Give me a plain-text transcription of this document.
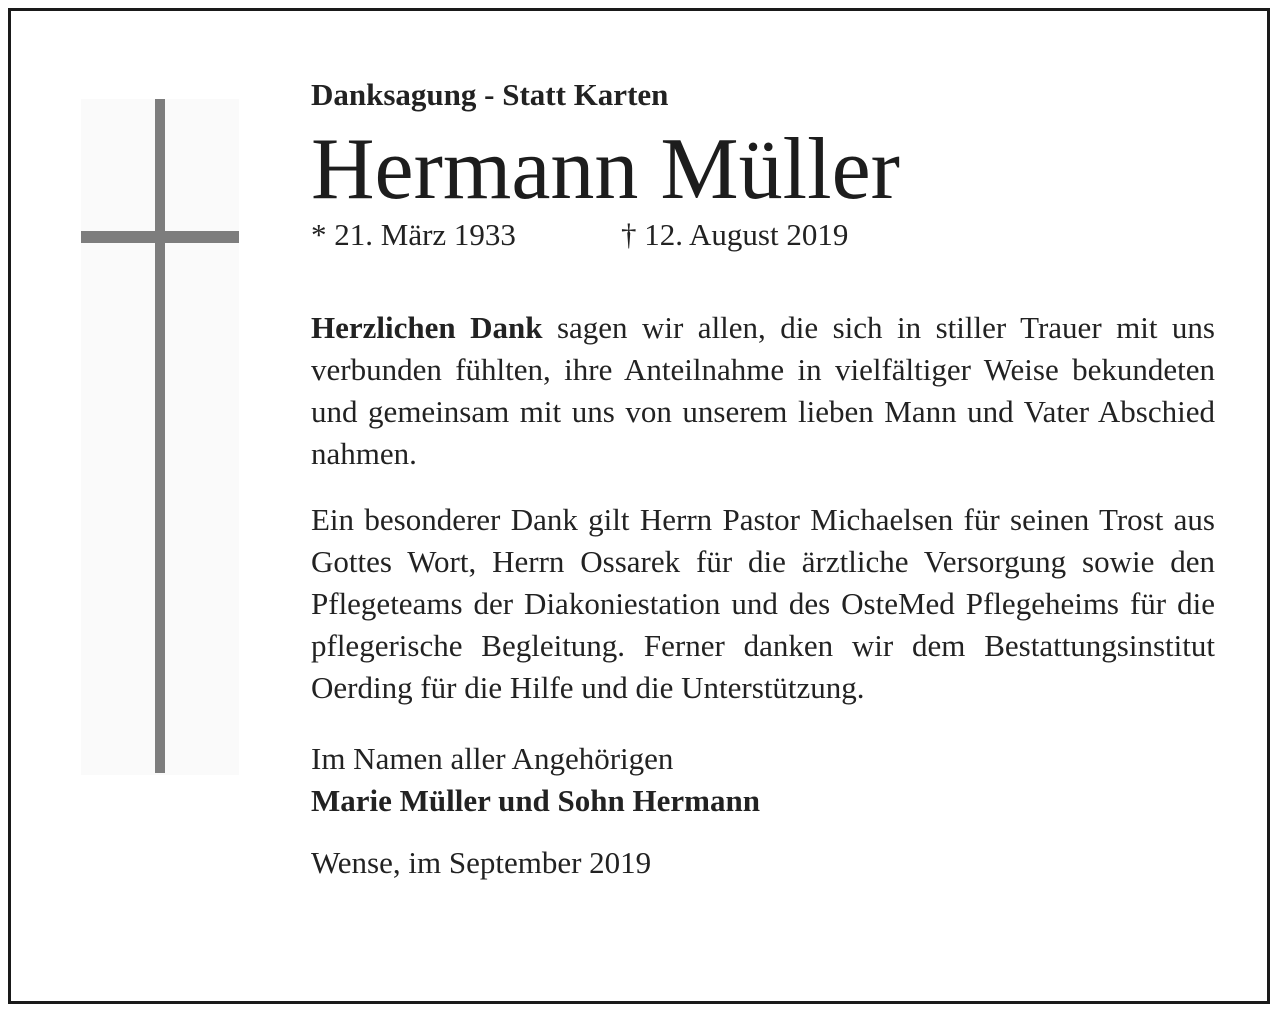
Danksagung - Statt Karten

Hermann Müller

* 21. März 1933	† 12. August 2019

Herzlichen Dank sagen wir allen, die sich in stiller Trauer mit uns verbunden fühlten, ihre Anteilnahme in vielfältiger Weise bekundeten und gemeinsam mit uns von unserem lieben Mann und Vater Abschied nahmen.

Ein besonderer Dank gilt Herrn Pastor Michaelsen für seinen Trost aus Gottes Wort, Herrn Ossarek für die ärztliche Versorgung sowie den Pflegeteams der Diakoniestation und des OsteMed Pflegeheims für die pflegerische Begleitung. Ferner danken wir dem Bestattungsinstitut Oerding für die Hilfe und die Unterstützung.

Im Namen aller Angehörigen

Marie Müller und Sohn Hermann

Wense, im September 2019
